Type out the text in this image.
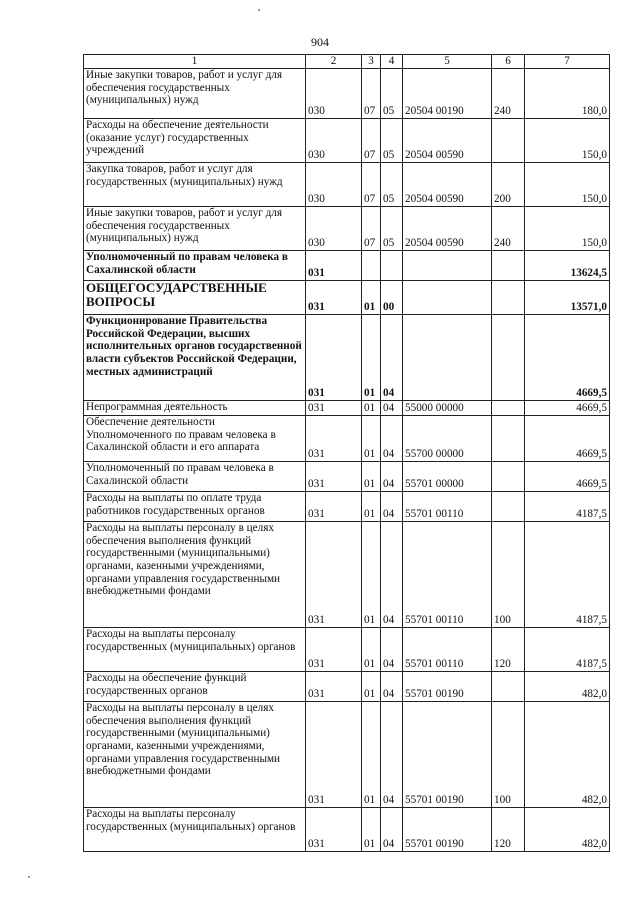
904
1	2	3	4	5	6	7
Иные закупки товаров, работ и услуг для обеспечения государственных (муниципальных) нужд	030	07	05	20504 00190	240	180,0
Расходы на обеспечение деятельности (оказание услуг) государственных учреждений	030	07	05	20504 00590		150,0
Закупка товаров, работ и услуг для государственных (муниципальных) нужд	030	07	05	20504 00590	200	150,0
Иные закупки товаров, работ и услуг для обеспечения государственных (муниципальных) нужд	030	07	05	20504 00590	240	150,0
Уполномоченный по правам человека в Сахалинской области	031					13624,5
ОБЩЕГОСУДАРСТВЕННЫЕ ВОПРОСЫ	031	01	00			13571,0
Функционирование Правительства Российской Федерации, высших исполнительных органов государственной власти субъектов Российской Федерации, местных администраций	031	01	04			4669,5
Непрограммная деятельность	031	01	04	55000 00000		4669,5
Обеспечение деятельности Уполномоченного по правам человека в Сахалинской области и его аппарата	031	01	04	55700 00000		4669,5
Уполномоченный по правам человека в Сахалинской области	031	01	04	55701 00000		4669,5
Расходы на выплаты по оплате труда работников государственных органов	031	01	04	55701 00110		4187,5
Расходы на выплаты персоналу в целях обеспечения выполнения функций государственными (муниципальными) органами, казенными учреждениями, органами управления государственными внебюджетными фондами	031	01	04	55701 00110	100	4187,5
Расходы на выплаты персоналу государственных (муниципальных) органов	031	01	04	55701 00110	120	4187,5
Расходы на обеспечение функций государственных органов	031	01	04	55701 00190		482,0
Расходы на выплаты персоналу в целях обеспечения выполнения функций государственными (муниципальными) органами, казенными учреждениями, органами управления государственными внебюджетными фондами	031	01	04	55701 00190	100	482,0
Расходы на выплаты персоналу государственных (муниципальных) органов	031	01	04	55701 00190	120	482,0
